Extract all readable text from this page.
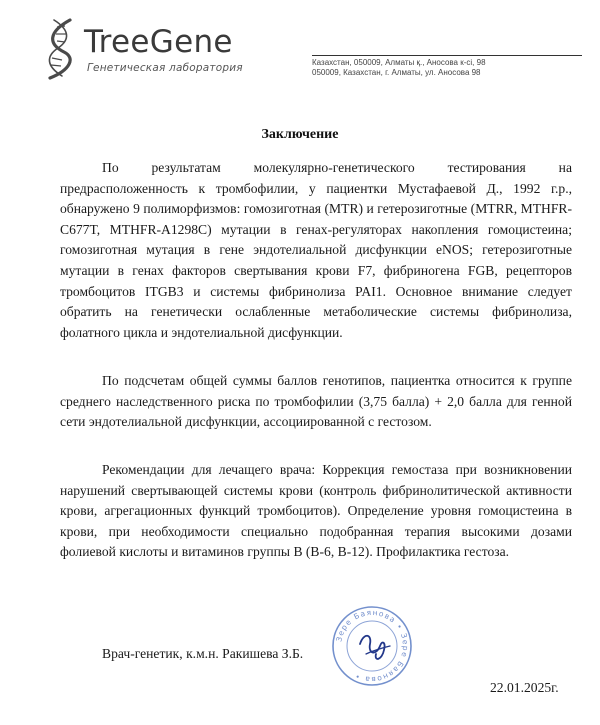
TreeGene
Генетическая лаборатория	Казахстан, 050009, Алматы қ., Аносова к-сі, 98
050009, Казахстан, г. Алматы, ул. Аносова 98
Заключение

По результатам молекулярно-генетического тестирования на предрасположенность к тромбофилии, у пациентки Мустафаевой Д., 1992 г.р., обнаружено 9 полиморфизмов: гомозиготная (MTR) и гетерозиготные (MTRR, MTHFR-C677T, MTHFR-A1298C) мутации в генах-регуляторах накопления гомоцистеина; гомозиготная мутация в гене эндотелиальной дисфункции eNOS; гетерозиготные мутации в генах факторов свертывания крови F7, фибриногена FGB, рецепторов тромбоцитов ITGB3 и системы фибринолиза PAI1. Основное внимание следует обратить на генетически ослабленные метаболические системы фибринолиза, фолатного цикла и эндотелиальной дисфункции.

По подсчетам общей суммы баллов генотипов, пациентка относится к группе среднего наследственного риска по тромбофилии (3,75 балла) + 2,0 балла для генной сети эндотелиальной дисфункции, ассоциированной с гестозом.

Рекомендации для лечащего врача: Коррекция гемостаза при возникновении нарушений свертывающей системы крови (контроль фибринолитической активности крови, агрегационных функций тромбоцитов). Определение уровня гомоцистеина в крови, при необходимости специально подобранная терапия высокими дозами фолиевой кислоты и витаминов группы В (В-6, В-12). Профилактика гестоза.

Врач-генетик, к.м.н. Ракишева З.Б.
Зере Баянова • Зере Баянова •
22.01.2025г.
